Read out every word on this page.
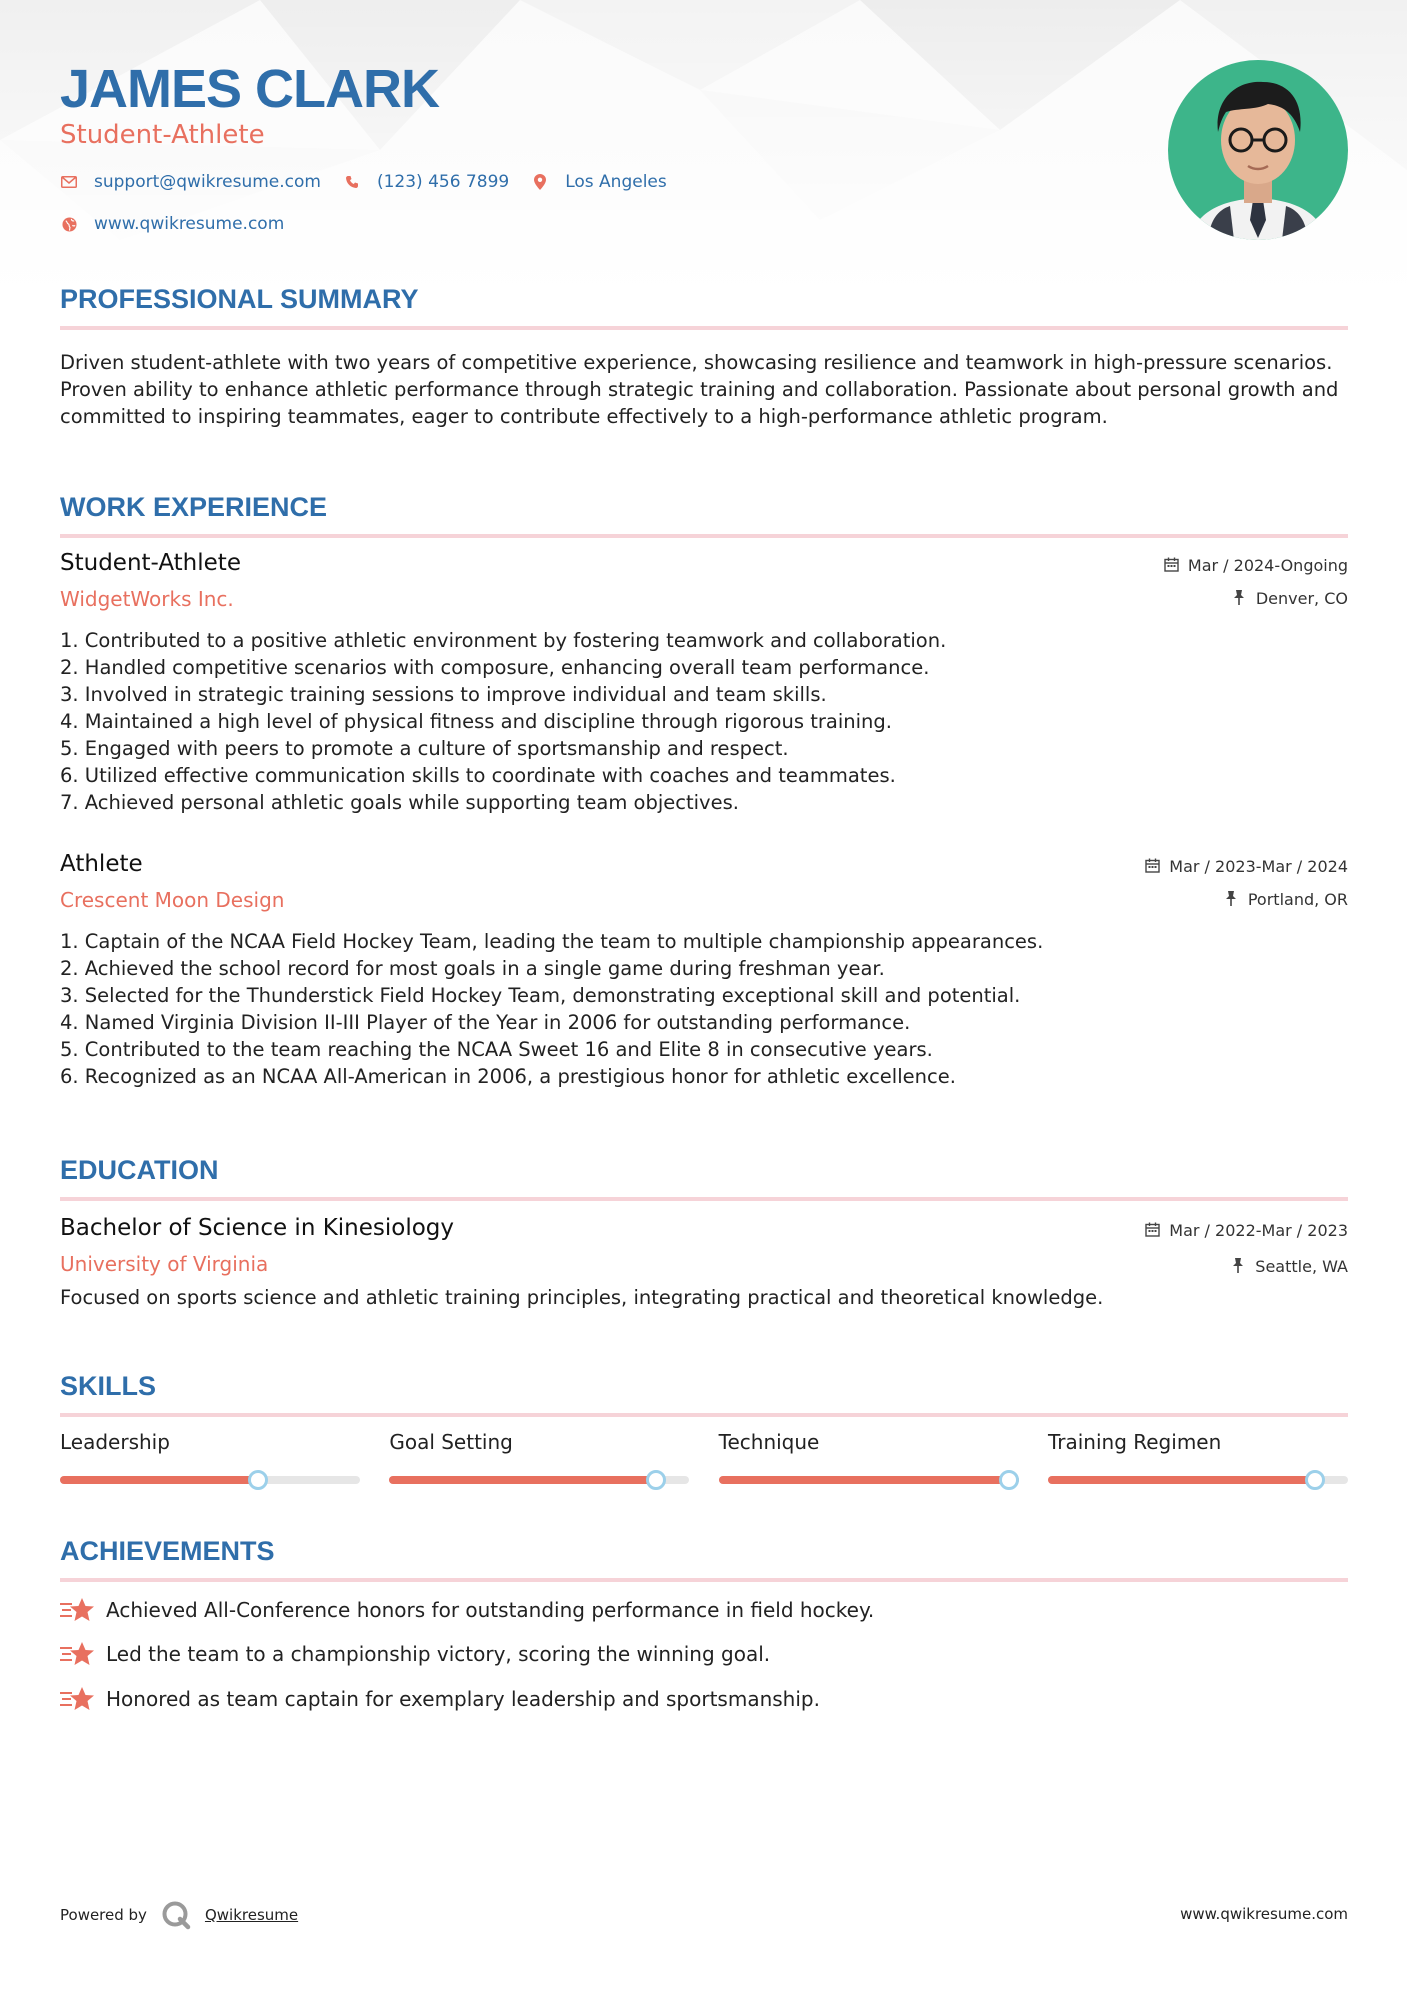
JAMES CLARK
Student-Athlete
support@qwikresume.com	(123) 456 7899	Los Angeles
www.qwikresume.com
PROFESSIONAL SUMMARY

Driven student-athlete with two years of competitive experience, showcasing resilience and teamwork in high-pressure scenarios. Proven ability to enhance athletic performance through strategic training and collaboration. Passionate about personal growth and committed to inspiring teammates, eager to contribute effectively to a high-performance athletic program.

WORK EXPERIENCE
Student-Athlete
WidgetWorks Inc.
Mar / 2024-Ongoing
Denver, CO
1. Contributed to a positive athletic environment by fostering teamwork and collaboration.
2. Handled competitive scenarios with composure, enhancing overall team performance.
3. Involved in strategic training sessions to improve individual and team skills.
4. Maintained a high level of physical fitness and discipline through rigorous training.
5. Engaged with peers to promote a culture of sportsmanship and respect.
6. Utilized effective communication skills to coordinate with coaches and teammates.
7. Achieved personal athletic goals while supporting team objectives.
Athlete
Crescent Moon Design
Mar / 2023-Mar / 2024
Portland, OR
1. Captain of the NCAA Field Hockey Team, leading the team to multiple championship appearances.
2. Achieved the school record for most goals in a single game during freshman year.
3. Selected for the Thunderstick Field Hockey Team, demonstrating exceptional skill and potential.
4. Named Virginia Division II-III Player of the Year in 2006 for outstanding performance.
5. Contributed to the team reaching the NCAA Sweet 16 and Elite 8 in consecutive years.
6. Recognized as an NCAA All-American in 2006, a prestigious honor for athletic excellence.
EDUCATION
Bachelor of Science in Kinesiology
University of Virginia
Mar / 2022-Mar / 2023
Seattle, WA

Focused on sports science and athletic training principles, integrating practical and theoretical knowledge.

SKILLS
Leadership	Goal Setting	Technique	Training Regimen
ACHIEVEMENTS
Achieved All-Conference honors for outstanding performance in field hockey.
Led the team to a championship victory, scoring the winning goal.
Honored as team captain for exemplary leadership and sportsmanship.
Powered by	Qwikresume	www.qwikresume.com
